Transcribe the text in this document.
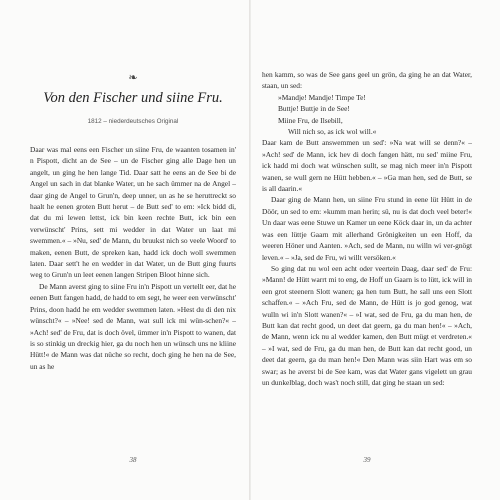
❧
Von den Fischer und siine Fru.
1812 – niederdeutsches Original

Daar was mal eens een Fischer un siine Fru, de waanten tosamen in' n Pispott, dicht an de See – un de Fischer ging alle Dage hen un angelt, un ging he hen lange Tid. Daar satt he eens an de See bi de Angel un sach in dat blanke Water, un he sach ümmer na de Angel – daar ging de Angel to Grun'n, deep unner, un as he se heruttreckt so haalt he eenen groten Butt herut – de Butt sed' to em: »Ick bidd di, dat du mi lewen lettst, ick bin keen rechte Butt, ick bin een verwünscht' Prins, sett mi wedder in dat Water un laat mi swemmen.« – »Nu, sed' de Mann, du bruukst nich so veele Woord' to maken, eenen Butt, de spreken kan, hadd ick doch woll swemmen laten. Daar sett't he en wedder in dat Water, un de Butt ging fuurts weg to Grun'n un leet eenen langen Stripen Bloot hinne sich.

De Mann averst ging to siine Fru in'n Pispott un vertellt eer, dat he eenen Butt fangen hadd, de hadd to em segt, he weer een verwünscht' Prins, doon hadd he em wedder swemmen laten. »Hest du di den nix wünscht?« – »Nee! sed de Mann, wat sull ick mi wün-schen?« – »Ach! sed' de Fru, dat is doch övel, ümmer in'n Pispott to wanen, dat is so stinkig un dreckig hier, ga du noch hen un wünsch uns ne kliine Hütt!« de Mann was dat nüche so recht, doch ging he hen na de See, un as he

38

hen kamm, so was de See gans geel un grön, da ging he an dat Water, staan, un sed:

»Mandje! Mandje! Timpe Te!
Buttje! Buttje in de See!
Miine Fru, de Ilsebill,
Will nich so, as ick wol will.«

Daar kam de Butt answemmen un sed': »Na wat will se denn?« – »Ach! sed' de Mann, ick hev di doch fangen hätt, nu sed' miine Fru, ick hadd mi doch wat wünschen sullt, se mag nich meer in'n Pispott wanen, se wull gern ne Hütt hebben.« – »Ga man hen, sed de Butt, se is all daarin.«

Daar ging de Mann hen, un siine Fru stund in eene lüt Hütt in de Döör, un sed to em: »kumm man herin; sü, nu is dat doch veel beter!« Un daar was eene Stuwe un Kamer un eene Köck daar in, un da achter was een lüttje Gaarn mit allerhand Grönigkeiten un een Hoff, da weeren Höner und Aanten. »Ach, sed de Mann, nu willn wi ver-gnögt leven.« – »Ja, sed de Fru, wi willt versöken.«

So ging dat nu wol een acht oder veertein Daag, daar sed' de Fru: »Mann! de Hütt warrt mi to eng, de Hoff un Gaarn is to lütt, ick will in een grot steenern Slott wanen; ga hen tum Butt, he sall uns een Slott schaffen.« – »Ach Fru, sed de Mann, de Hütt is jo god genog, wat wulln wi in'n Slott wanen?« – »I wat, sed de Fru, ga du man hen, de Butt kan dat recht good, un deet dat geern, ga du man hen!« – »Ach, de Mann, wenn ick nu al wedder kamen, den Butt mügt et verdreten.« – »I wat, sed de Fru, ga du man hen, de Butt kan dat recht good, un deet dat geern, ga du man hen!« Den Mann was siin Hart was em so swar; as he averst bi de See kam, was dat Water gans vigelett un grau un dunkelblag, doch was't noch still, dat ging he staan un sed:

39
